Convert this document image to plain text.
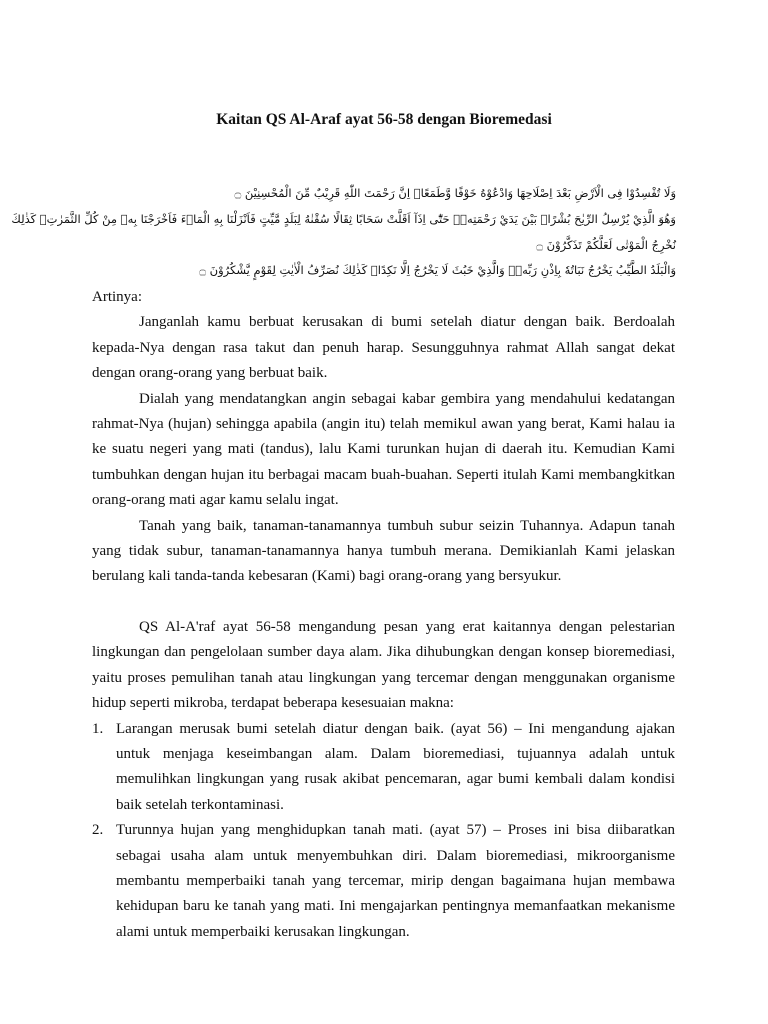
Kaitan QS Al-Araf ayat 56-58 dengan Bioremedasi
وَلَا تُفْسِدُوْا فِى الْاَرْضِ بَعْدَ اِصْلَاحِهَا وَادْعُوْهُ خَوْفًا وَّطَمَعًاۗ اِنَّ رَحْمَتَ اللّٰهِ قَرِيْبٌ مِّنَ الْمُحْسِنِيْنَ ۝
وَهُوَ الَّذِيْ يُرْسِلُ الرِّيٰحَ بُشْرًاۢ بَيْنَ يَدَيْ رَحْمَتِهٖۗ حَتّٰٓى اِذَآ اَقَلَّتْ سَحَابًا ثِقَالًا سُقْنٰهُ لِبَلَدٍ مَّيِّتٍ فَاَنْزَلْنَا بِهِ الْمَاۤءَ فَاَخْرَجْنَا بِهٖ مِنْ كُلِّ الثَّمَرٰتِۗ كَذٰلِكَ
نُخْرِجُ الْمَوْتٰى لَعَلَّكُمْ تَذَكَّرُوْنَ ۝
وَالْبَلَدُ الطَّيِّبُ يَخْرُجُ نَبَاتُهٗ بِاِذْنِ رَبِّهٖۚ وَالَّذِيْ خَبُثَ لَا يَخْرُجُ اِلَّا نَكِدًاۗ كَذٰلِكَ نُصَرِّفُ الْاٰيٰتِ لِقَوْمٍ يَّشْكُرُوْنَ ۝

Artinya:

Janganlah kamu berbuat kerusakan di bumi setelah diatur dengan baik. Berdoalah kepada-Nya dengan rasa takut dan penuh harap. Sesungguhnya rahmat Allah sangat dekat dengan orang-orang yang berbuat baik.

Dialah yang mendatangkan angin sebagai kabar gembira yang mendahului kedatangan rahmat-Nya (hujan) sehingga apabila (angin itu) telah memikul awan yang berat, Kami halau ia ke suatu negeri yang mati (tandus), lalu Kami turunkan hujan di daerah itu. Kemudian Kami tumbuhkan dengan hujan itu berbagai macam buah-buahan. Seperti itulah Kami membangkitkan orang-orang mati agar kamu selalu ingat.

Tanah yang baik, tanaman-tanamannya tumbuh subur seizin Tuhannya. Adapun tanah yang tidak subur, tanaman-tanamannya hanya tumbuh merana. Demikianlah Kami jelaskan berulang kali tanda-tanda kebesaran (Kami) bagi orang-orang yang bersyukur.

QS Al-A'raf ayat 56-58 mengandung pesan yang erat kaitannya dengan pelestarian lingkungan dan pengelolaan sumber daya alam. Jika dihubungkan dengan konsep bioremediasi, yaitu proses pemulihan tanah atau lingkungan yang tercemar dengan menggunakan organisme hidup seperti mikroba, terdapat beberapa kesesuaian makna:

1. Larangan merusak bumi setelah diatur dengan baik. (ayat 56) – Ini mengandung ajakan untuk menjaga keseimbangan alam. Dalam bioremediasi, tujuannya adalah untuk memulihkan lingkungan yang rusak akibat pencemaran, agar bumi kembali dalam kondisi baik setelah terkontaminasi.
2. Turunnya hujan yang menghidupkan tanah mati. (ayat 57) – Proses ini bisa diibaratkan sebagai usaha alam untuk menyembuhkan diri. Dalam bioremediasi, mikroorganisme membantu memperbaiki tanah yang tercemar, mirip dengan bagaimana hujan membawa kehidupan baru ke tanah yang mati. Ini mengajarkan pentingnya memanfaatkan mekanisme alami untuk memperbaiki kerusakan lingkungan.
